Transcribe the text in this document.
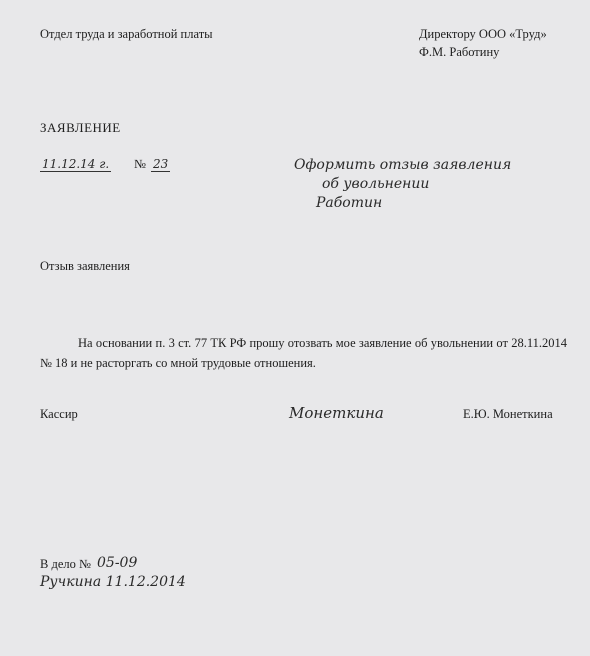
Отдел труда и заработной платы	Директору ООО «Труд»
Ф.М. Работину
ЗАЯВЛЕНИЕ
11.12.14 г. № 23	Оформить отзыв заявления
об увольнении
Работин
Отзыв заявления
На основании п. 3 ст. 77 ТК РФ прошу отозвать мое заявление об увольнении от 28.11.2014 № 18 и не расторгать со мной трудовые отношения.
Кассир	Монеткина	Е.Ю. Монеткина
В дело № 05-09
Ручкина 11.12.2014
